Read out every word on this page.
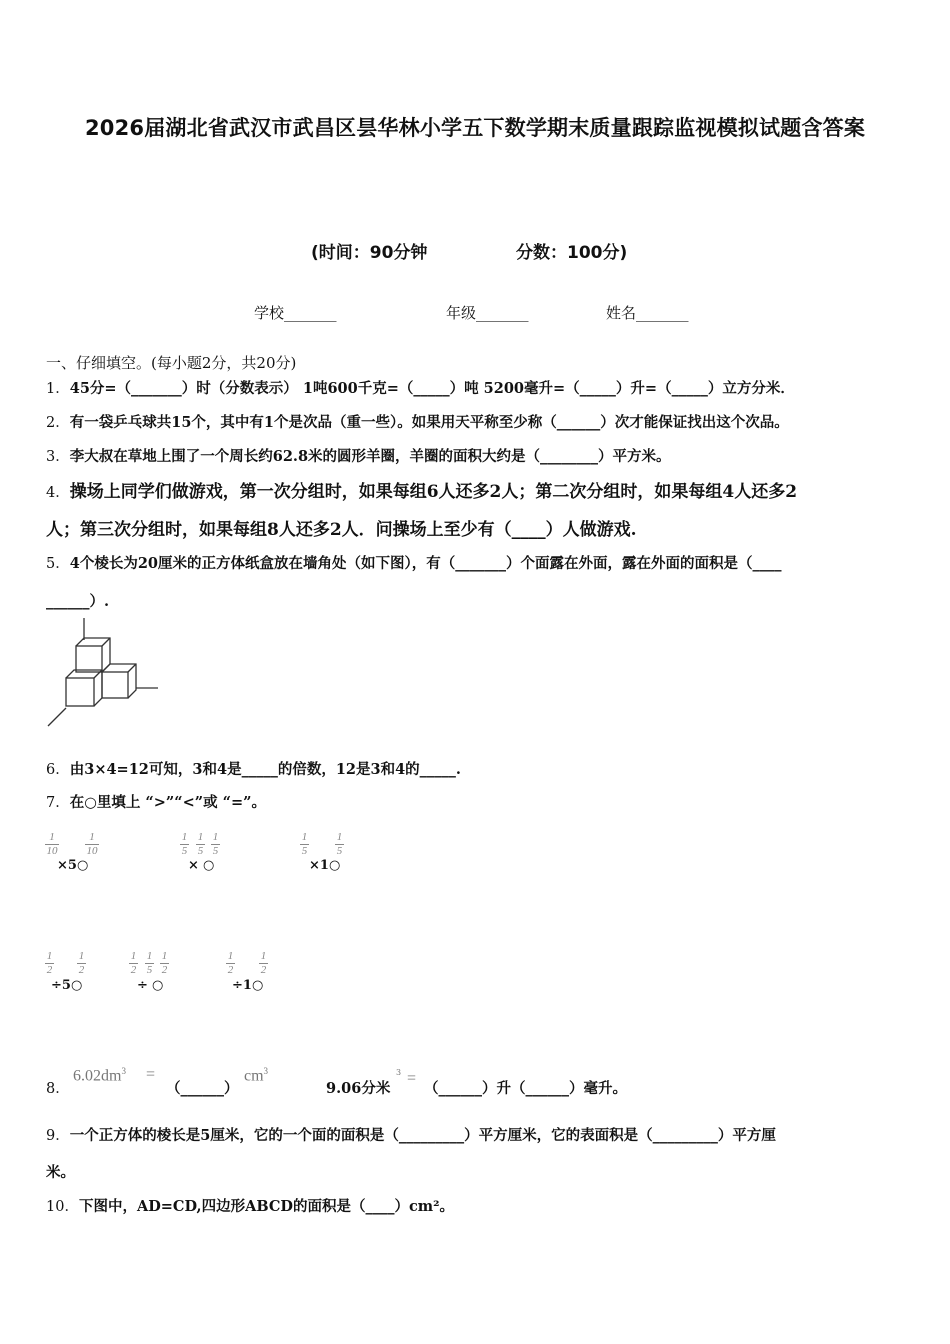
2026届湖北省武汉市武昌区昙华林小学五下数学期末质量跟踪监视模拟试题含答案
(时间：90分钟	分数：100分)
学校_______	年级_______	姓名_______
一、仔细填空。(每小题2分，共20分)
1．45分=（_______）时（分数表示） 1吨600千克=（_____）吨 5200毫升=（_____）升=（_____）立方分米．
2．有一袋乒乓球共15个，其中有1个是次品（重一些）。如果用天平称至少称（______）次才能保证找出这个次品。
3．李大叔在草地上围了一个周长约62.8米的圆形羊圈，羊圈的面积大约是（________）平方米。
4．操场上同学们做游戏，第一次分组时，如果每组6人还多2人；第二次分组时，如果每组4人还多2
人；第三次分组时，如果每组8人还多2人．问操场上至少有（____）人做游戏.
5．4个棱长为20厘米的正方体纸盒放在墙角处（如下图），有（_______）个面露在外面，露在外面的面积是（____
______）.
6．由3×4=12可知，3和4是_____的倍数，12是3和4的_____.
7．在○里填上 “>”“<”或 “=”。
1
10
1
10
×5○
1
5
1
5
1
5
× ○
1
5
1
5
×1○
1
2
1
2
÷5○
1
2
1
5
1
2
÷ ○
1
2
1
2
÷1○
8．
$6.02dm^3$ =
（______）
$cm^3$
9.06分米
3 =
（______）升（______）毫升。
9．一个正方体的棱长是5厘米，它的一个面的面积是（_________）平方厘米，它的表面积是（_________）平方厘
米。
10．下图中，AD=CD,四边形ABCD的面积是（____）cm²。
